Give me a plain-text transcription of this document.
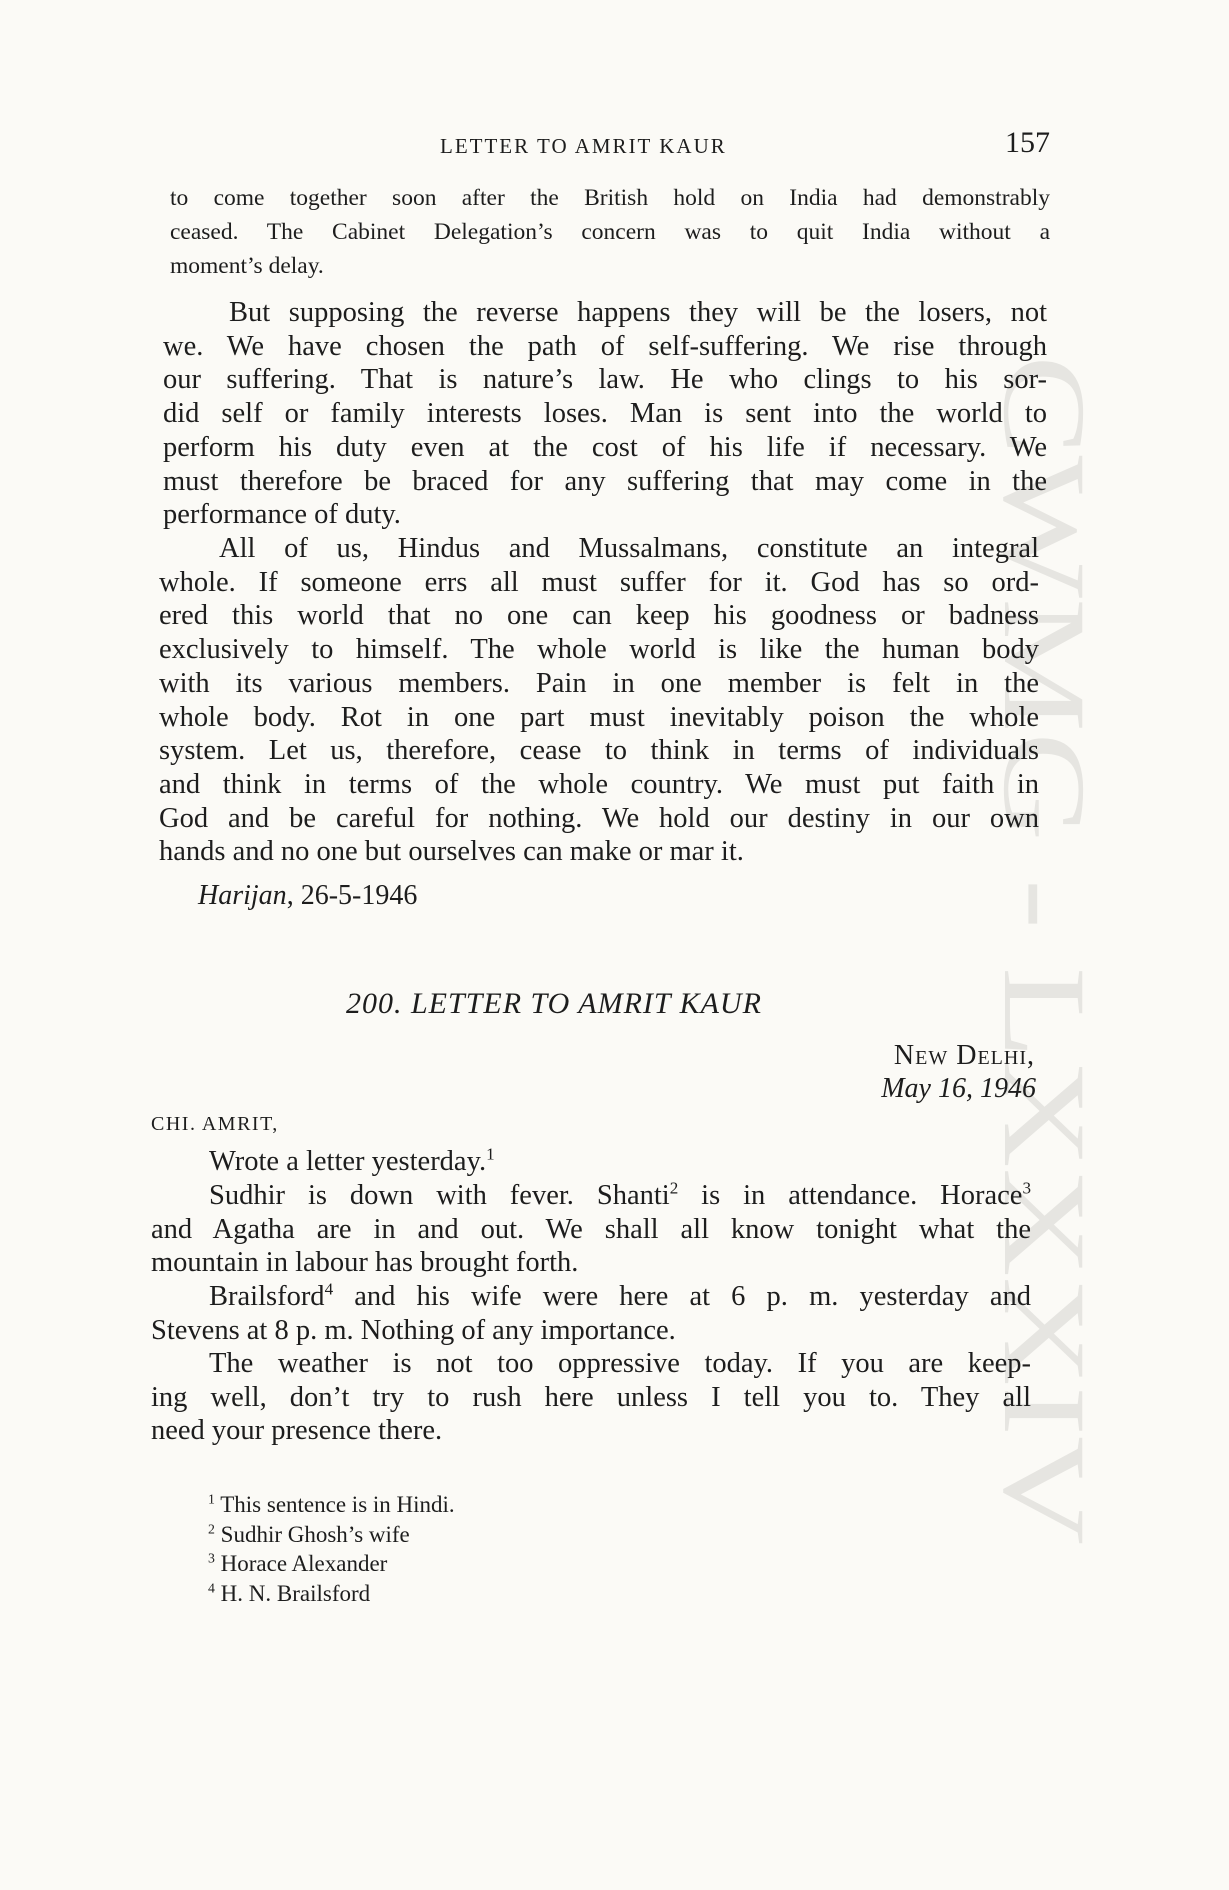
CWMG LXXXIV
LETTER TO AMRIT KAUR	157
to come together soon after the British hold on India had demonstrably
ceased. The Cabinet Delegation’s concern was to quit India without a
moment’s delay.
But supposing the reverse happens they will be the losers, not
we. We have chosen the path of self-suffering. We rise through
our suffering. That is nature’s law. He who clings to his sor-
did self or family interests loses. Man is sent into the world to
perform his duty even at the cost of his life if necessary. We
must therefore be braced for any suffering that may come in the
performance of duty.
All of us, Hindus and Mussalmans, constitute an integral
whole. If someone errs all must suffer for it. God has so ord-
ered this world that no one can keep his goodness or badness
exclusively to himself. The whole world is like the human body
with its various members. Pain in one member is felt in the
whole body. Rot in one part must inevitably poison the whole
system. Let us, therefore, cease to think in terms of individuals
and think in terms of the whole country. We must put faith in
God and be careful for nothing. We hold our destiny in our own
hands and no one but ourselves can make or mar it.
Harijan, 26-5-1946
200. LETTER TO AMRIT KAUR
New Delhi,
May 16, 1946
CHI. AMRIT,
Wrote a letter yesterday.$^1$
Sudhir is down with fever. Shanti$^2$ is in attendance. Horace$^3$
and Agatha are in and out. We shall all know tonight what the
mountain in labour has brought forth.
Brailsford$^4$ and his wife were here at 6 p. m. yesterday and
Stevens at 8 p. m. Nothing of any importance.
The weather is not too oppressive today. If you are keep-
ing well, don’t try to rush here unless I tell you to. They all
need your presence there.
$^1$ This sentence is in Hindi.
$^2$ Sudhir Ghosh’s wife
$^3$ Horace Alexander
$^4$ H. N. Brailsford
